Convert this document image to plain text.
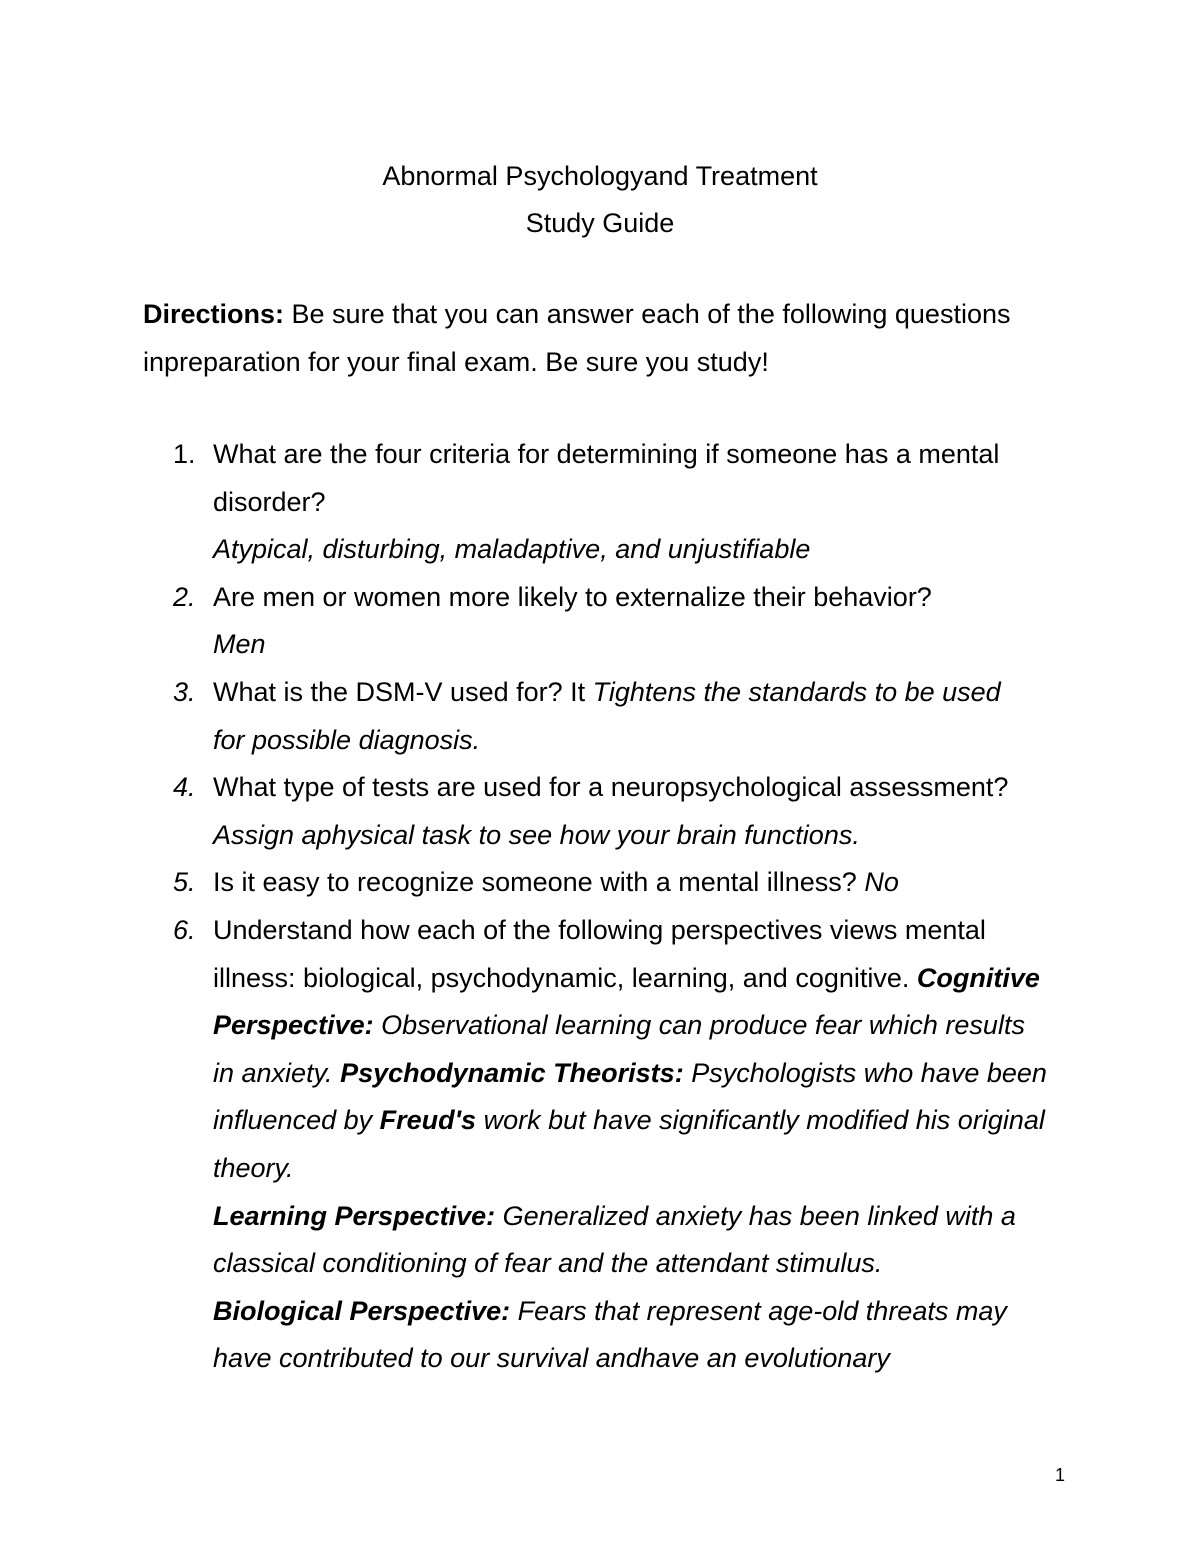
Abnormal Psychologyand Treatment
Study Guide
Directions: Be sure that you can answer each of the following questions inpreparation for your final exam. Be sure you study!
1. What are the four criteria for determining if someone has a mental disorder?
Atypical, disturbing, maladaptive, and unjustifiable
2. Are men or women more likely to externalize their behavior?
Men
3. What is the DSM-V used for? It Tightens the standards to be used for possible diagnosis.
4. What type of tests are used for a neuropsychological assessment? Assign aphysical task to see how your brain functions.
5. Is it easy to recognize someone with a mental illness? No
6. Understand how each of the following perspectives views mental illness: biological, psychodynamic, learning, and cognitive. Cognitive Perspective: Observational learning can produce fear which results in anxiety. Psychodynamic Theorists: Psychologists who have been influenced by Freud's work but have significantly modified his original theory.
Learning Perspective: Generalized anxiety has been linked with a classical conditioning of fear and the attendant stimulus.
Biological Perspective: Fears that represent age-old threats may have contributed to our survival andhave an evolutionary
1
